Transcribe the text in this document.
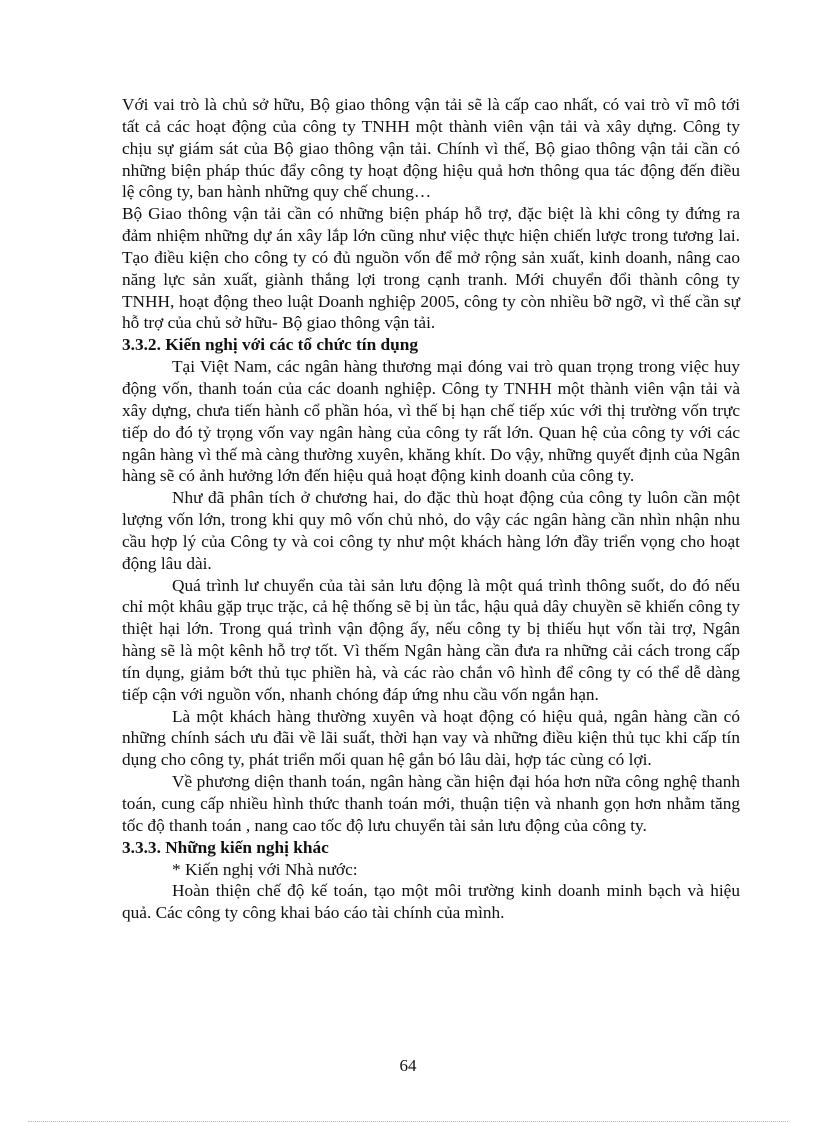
Với vai trò là chủ sở hữu, Bộ giao thông vận tải sẽ là cấp cao nhất, có vai trò vĩ mô tới tất cả các hoạt động của công ty TNHH một thành viên vận tải và xây dựng. Công ty chịu sự giám sát của Bộ giao thông vận tải. Chính vì thế, Bộ giao thông vận tải cần có những biện pháp thúc đẩy công ty hoạt động hiệu quả hơn thông qua tác động đến điều lệ công ty, ban hành những quy chế chung…

Bộ Giao thông vận tải cần có những biện pháp hỗ trợ, đặc biệt là khi công ty đứng ra đảm nhiệm những dự án xây lắp lớn cũng như việc thực hiện chiến lược trong tương lai. Tạo điều kiện cho công ty có đủ nguồn vốn để mở rộng sản xuất, kinh doanh, nâng cao năng lực sản xuất, giành thắng lợi trong cạnh tranh. Mới chuyển đổi thành công ty TNHH, hoạt động theo luật Doanh nghiệp 2005, công ty còn nhiều bỡ ngỡ, vì thế cần sự hỗ trợ của chủ sở hữu- Bộ giao thông vận tải.

3.3.2. Kiến nghị với các tổ chức tín dụng

Tại Việt Nam, các ngân hàng thương mại đóng vai trò quan trọng trong việc huy động vốn, thanh toán của các doanh nghiệp. Công ty TNHH một thành viên vận tải và xây dựng, chưa tiến hành cổ phần hóa, vì thế bị hạn chế tiếp xúc với thị trường vốn trực tiếp do đó tỷ trọng vốn vay ngân hàng của công ty rất lớn. Quan hệ của công ty với các ngân hàng vì thế mà càng thường xuyên, khăng khít. Do vậy, những quyết định của Ngân hàng sẽ có ảnh hưởng lớn đến hiệu quả hoạt động kinh doanh của công ty.

Như đã phân tích ở chương hai, do đặc thù hoạt động của công ty luôn cần một lượng vốn lớn, trong khi quy mô vốn chủ nhỏ, do vậy các ngân hàng cần nhìn nhận nhu cầu hợp lý của Công ty và coi công ty như một khách hàng lớn đầy triển vọng cho hoạt động lâu dài.

Quá trình lư chuyển của tài sản lưu động là một quá trình thông suốt, do đó nếu chỉ một khâu gặp trục trặc, cả hệ thống sẽ bị ùn tắc, hậu quả dây chuyền sẽ khiến công ty thiệt hại lớn. Trong quá trình vận động ấy, nếu công ty bị thiếu hụt vốn tài trợ, Ngân hàng sẽ là một kênh hỗ trợ tốt. Vì thếm Ngân hàng cần đưa ra những cải cách trong cấp tín dụng, giảm bớt thủ tục phiền hà, và các rào chắn vô hình để công ty có thể dễ dàng tiếp cận với nguồn vốn, nhanh chóng đáp ứng nhu cầu vốn ngắn hạn.

Là một khách hàng thường xuyên và hoạt động có hiệu quả, ngân hàng cần có những chính sách ưu đãi về lãi suất, thời hạn vay và những điều kiện thủ tục khi cấp tín dụng cho công ty, phát triển mối quan hệ gắn bó lâu dài, hợp tác cùng có lợi.

Về phương diện thanh toán, ngân hàng cần hiện đại hóa hơn nữa công nghệ thanh toán, cung cấp nhiều hình thức thanh toán mới, thuận tiện và nhanh gọn hơn nhằm tăng tốc độ thanh toán , nang cao tốc độ lưu chuyển tài sản lưu động của công ty.

3.3.3. Những kiến nghị khác

* Kiến nghị với Nhà nước:

Hoàn thiện chế độ kế toán, tạo một môi trường kinh doanh minh bạch và hiệu quả. Các công ty công khai báo cáo tài chính của mình.

64
